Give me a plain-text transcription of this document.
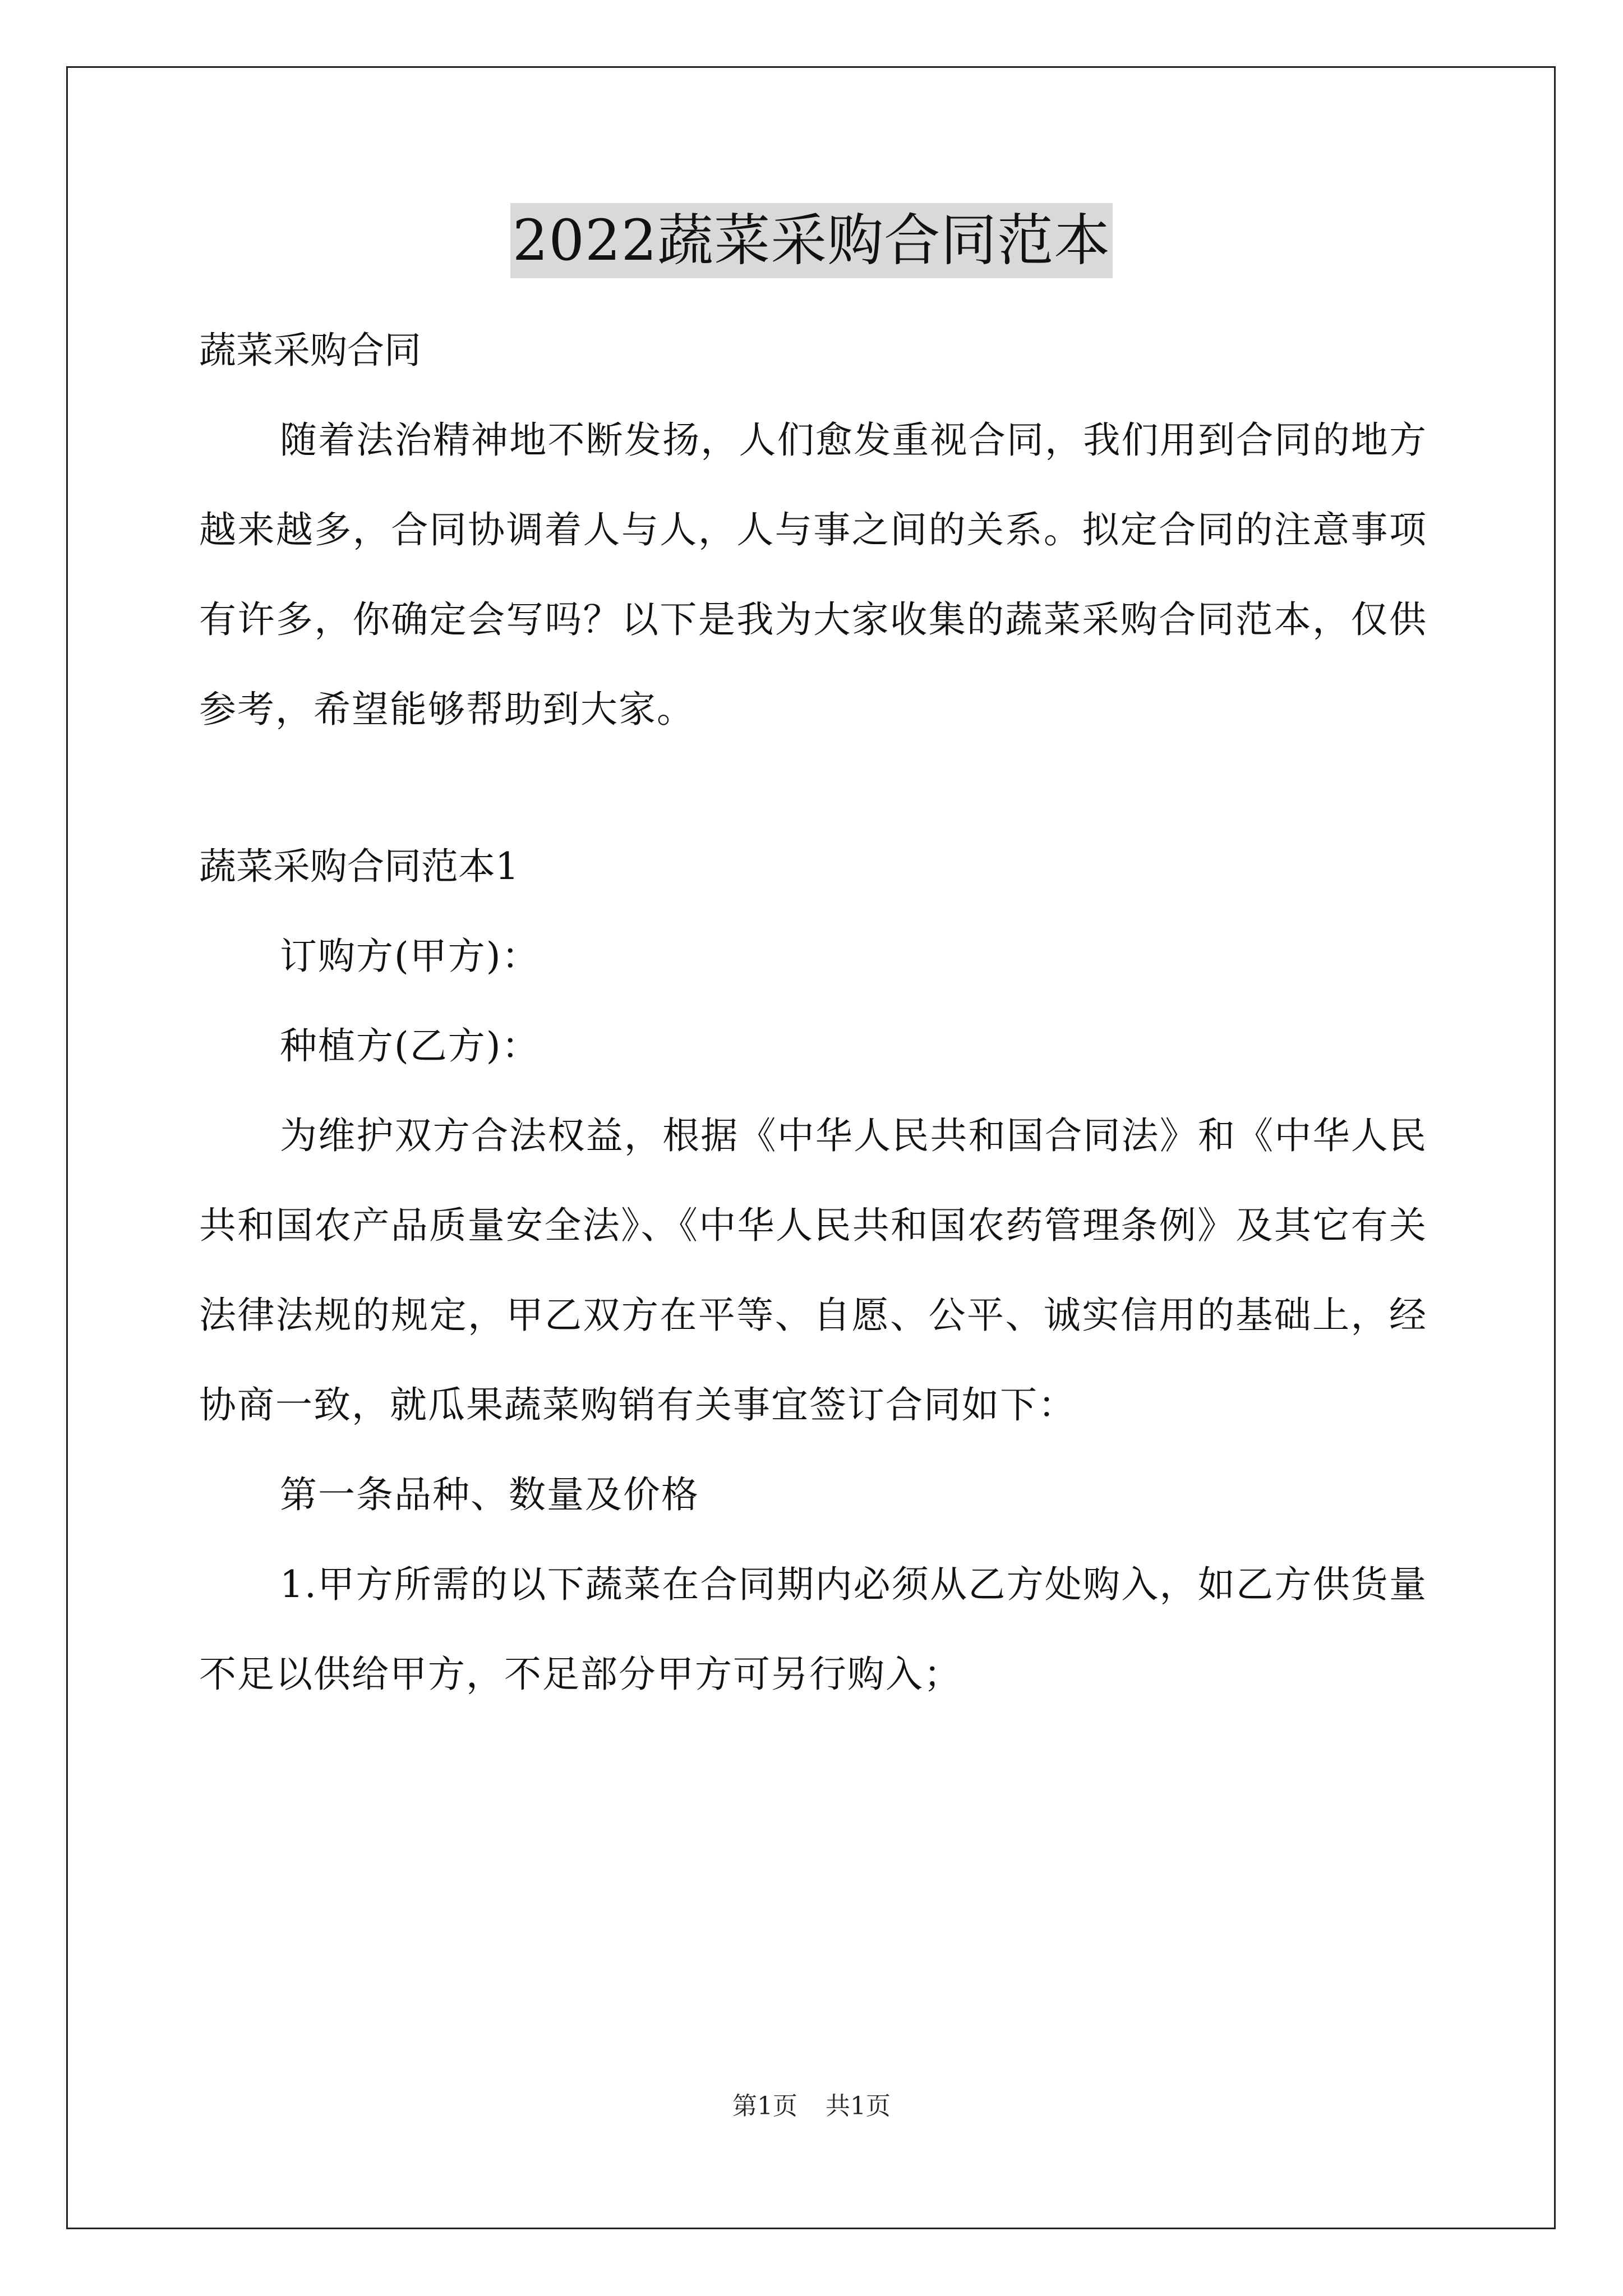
2022蔬菜采购合同范本

蔬菜采购合同

随着法治精神地不断发扬，人们愈发重视合同，我们用到合同的地方越来越多，合同协调着人与人，人与事之间的关系。拟定合同的注意事项有许多，你确定会写吗？以下是我为大家收集的蔬菜采购合同范本，仅供参考，希望能够帮助到大家。

蔬菜采购合同范本1

订购方(甲方)：

种植方(乙方)：

为维护双方合法权益，根据《中华人民共和国合同法》和《中华人民共和国农产品质量安全法》、《中华人民共和国农药管理条例》及其它有关法律法规的规定，甲乙双方在平等、自愿、公平、诚实信用的基础上，经协商一致，就瓜果蔬菜购销有关事宜签订合同如下：

第一条品种、数量及价格

1.甲方所需的以下蔬菜在合同期内必须从乙方处购入，如乙方供货量不足以供给甲方，不足部分甲方可另行购入；

第1页 共1页
